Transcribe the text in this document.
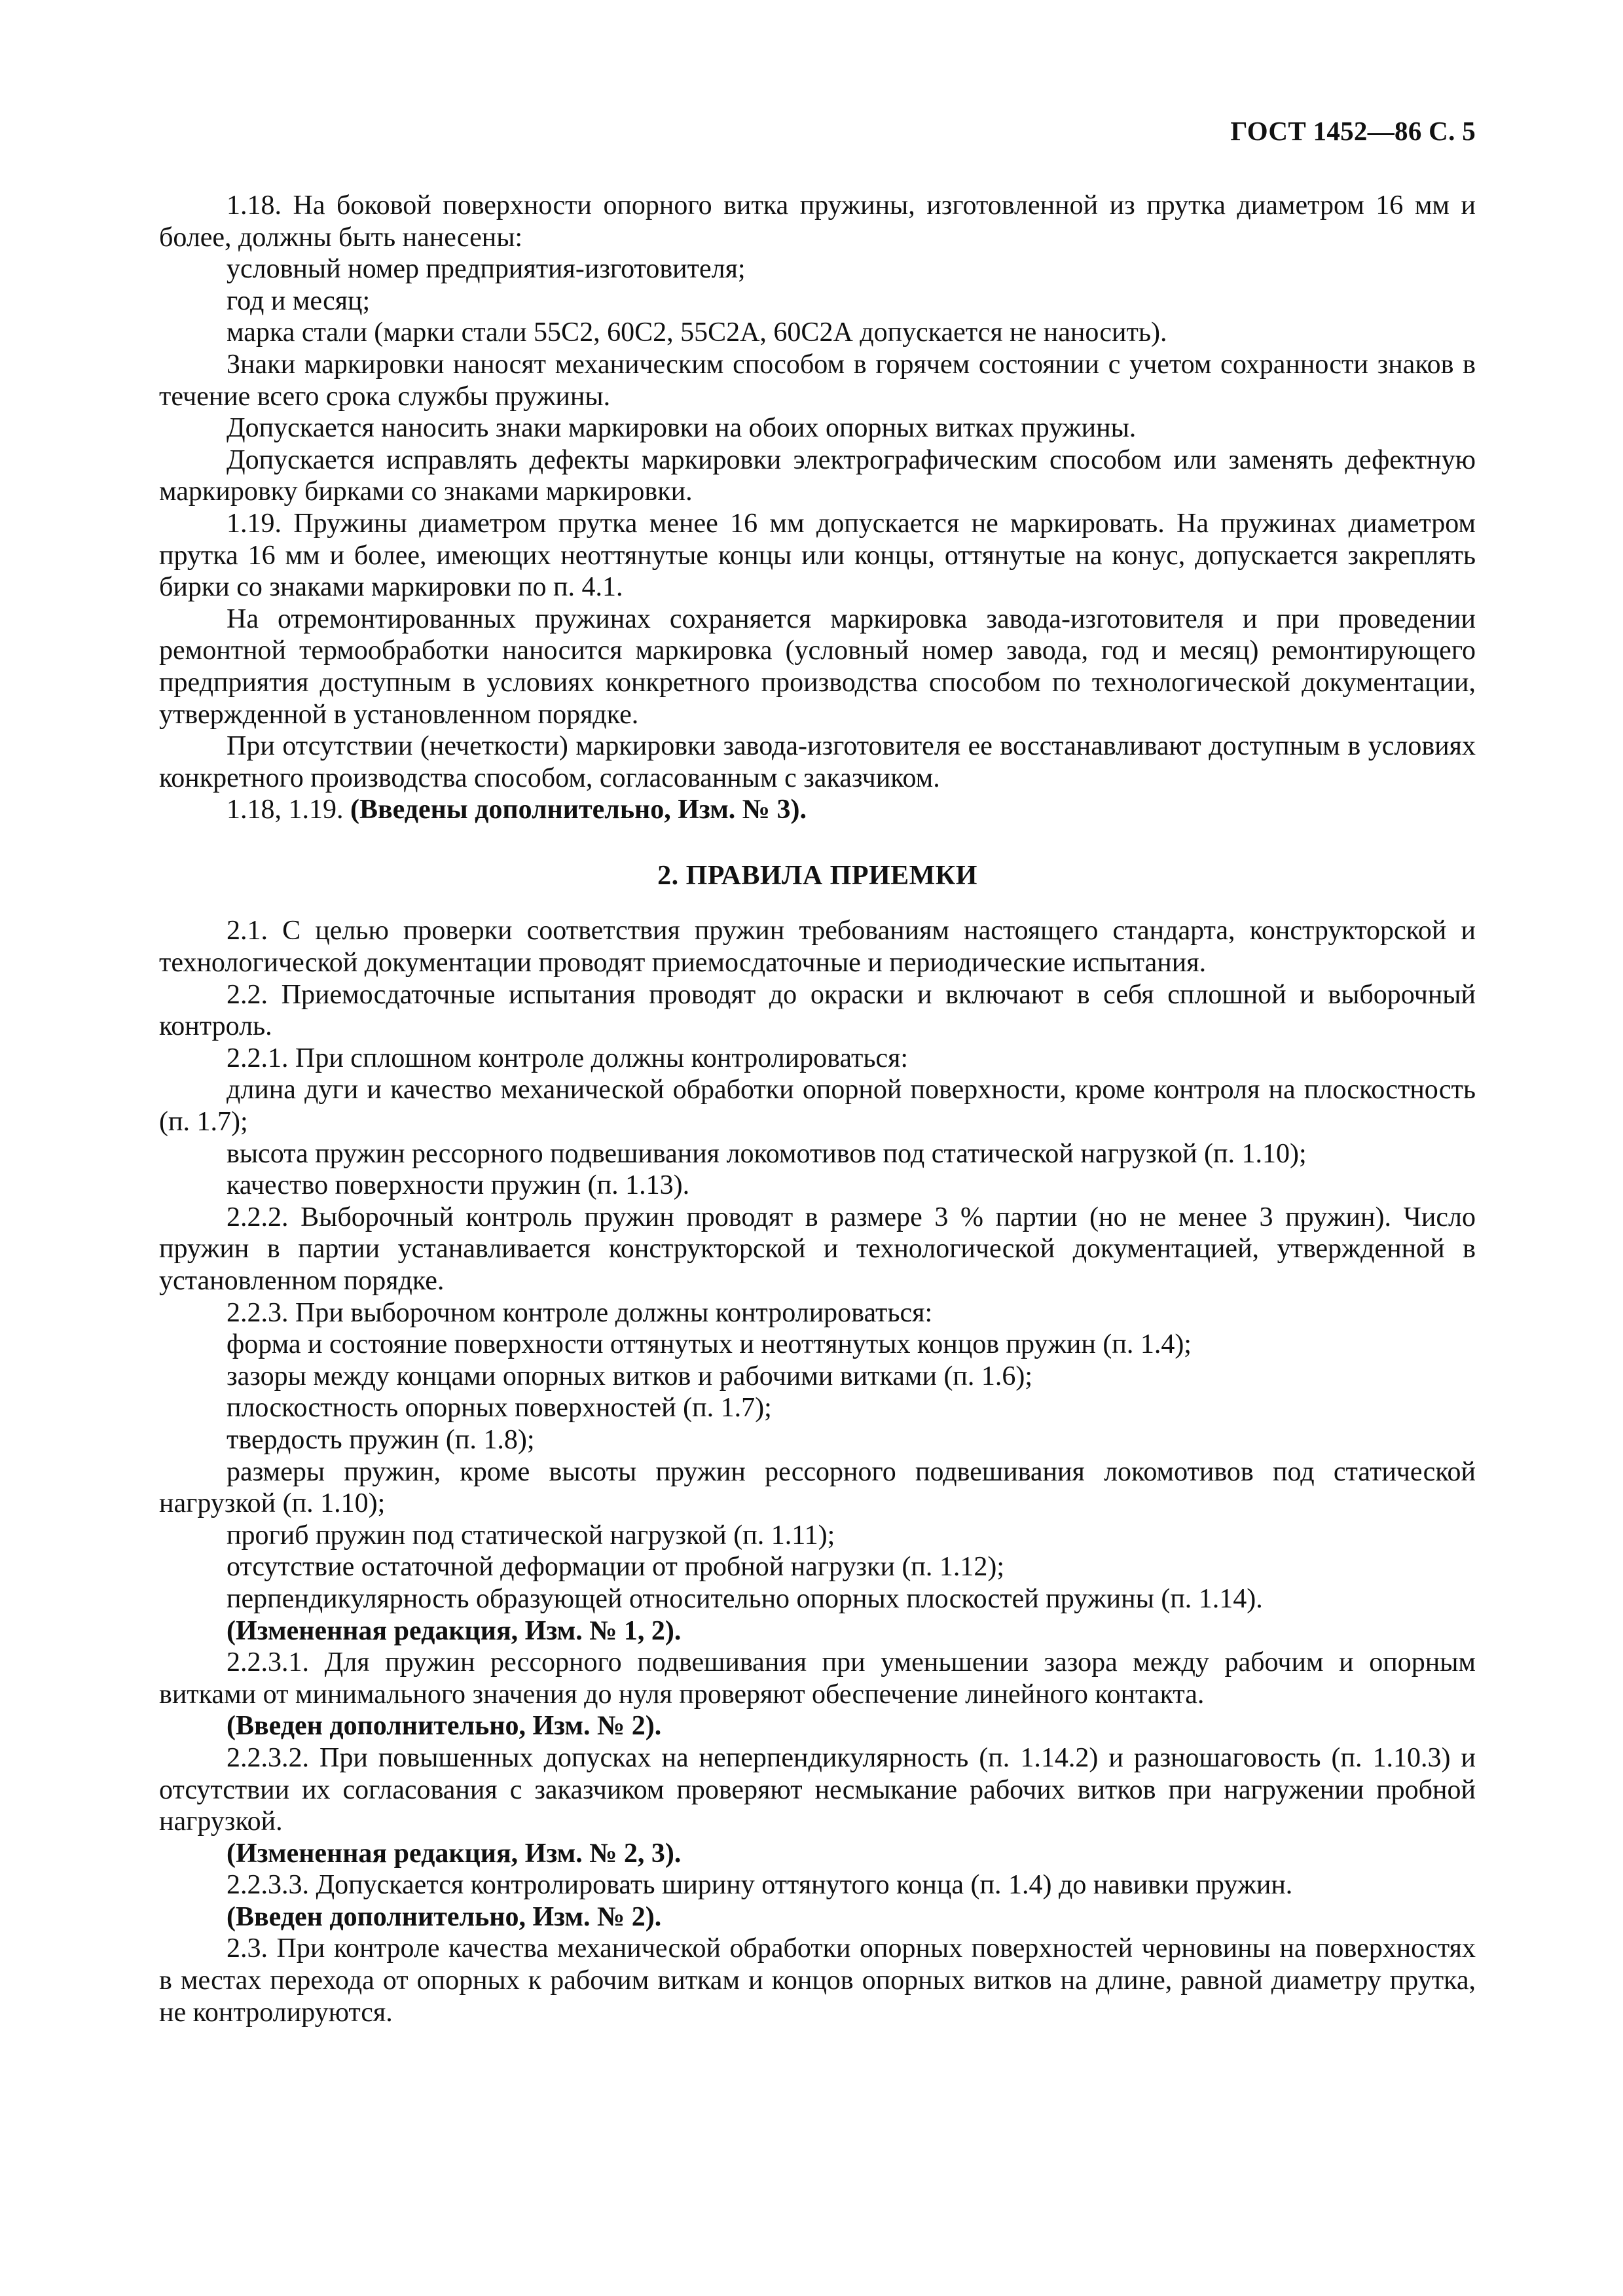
ГОСТ 1452—86 С. 5

1.18. На боковой поверхности опорного витка пружины, изготовленной из прутка диаметром 16 мм и более, должны быть нанесены:

условный номер предприятия-изготовителя;

год и месяц;

марка стали (марки стали 55С2, 60С2, 55С2А, 60С2А допускается не наносить).

Знаки маркировки наносят механическим способом в горячем состоянии с учетом сохранности знаков в течение всего срока службы пружины.

Допускается наносить знаки маркировки на обоих опорных витках пружины.

Допускается исправлять дефекты маркировки электрографическим способом или заменять дефектную маркировку бирками со знаками маркировки.

1.19. Пружины диаметром прутка менее 16 мм допускается не маркировать. На пружинах диаметром прутка 16 мм и более, имеющих неоттянутые концы или концы, оттянутые на конус, допускается закреплять бирки со знаками маркировки по п. 4.1.

На отремонтированных пружинах сохраняется маркировка завода-изготовителя и при проведении ремонтной термообработки наносится маркировка (условный номер завода, год и месяц) ремонтирующего предприятия доступным в условиях конкретного производства способом по технологической документации, утвержденной в установленном порядке.

При отсутствии (нечеткости) маркировки завода-изготовителя ее восстанавливают доступным в условиях конкретного производства способом, согласованным с заказчиком.

1.18, 1.19. (Введены дополнительно, Изм. № 3).

2. ПРАВИЛА ПРИЕМКИ

2.1. С целью проверки соответствия пружин требованиям настоящего стандарта, конструкторской и технологической документации проводят приемосдаточные и периодические испытания.

2.2. Приемосдаточные испытания проводят до окраски и включают в себя сплошной и выборочный контроль.

2.2.1. При сплошном контроле должны контролироваться:

длина дуги и качество механической обработки опорной поверхности, кроме контроля на плоскостность (п. 1.7);

высота пружин рессорного подвешивания локомотивов под статической нагрузкой (п. 1.10);

качество поверхности пружин (п. 1.13).

2.2.2. Выборочный контроль пружин проводят в размере 3 % партии (но не менее 3 пружин). Число пружин в партии устанавливается конструкторской и технологической документацией, утвержденной в установленном порядке.

2.2.3. При выборочном контроле должны контролироваться:

форма и состояние поверхности оттянутых и неоттянутых концов пружин (п. 1.4);

зазоры между концами опорных витков и рабочими витками (п. 1.6);

плоскостность опорных поверхностей (п. 1.7);

твердость пружин (п. 1.8);

размеры пружин, кроме высоты пружин рессорного подвешивания локомотивов под статической нагрузкой (п. 1.10);

прогиб пружин под статической нагрузкой (п. 1.11);

отсутствие остаточной деформации от пробной нагрузки (п. 1.12);

перпендикулярность образующей относительно опорных плоскостей пружины (п. 1.14).

(Измененная редакция, Изм. № 1, 2).

2.2.3.1. Для пружин рессорного подвешивания при уменьшении зазора между рабочим и опорным витками от минимального значения до нуля проверяют обеспечение линейного контакта.

(Введен дополнительно, Изм. № 2).

2.2.3.2. При повышенных допусках на неперпендикулярность (п. 1.14.2) и разношаговость (п. 1.10.3) и отсутствии их согласования с заказчиком проверяют несмыкание рабочих витков при нагружении пробной нагрузкой.

(Измененная редакция, Изм. № 2, 3).

2.2.3.3. Допускается контролировать ширину оттянутого конца (п. 1.4) до навивки пружин.

(Введен дополнительно, Изм. № 2).

2.3. При контроле качества механической обработки опорных поверхностей черновины на поверхностях в местах перехода от опорных к рабочим виткам и концов опорных витков на длине, равной диаметру прутка, не контролируются.
